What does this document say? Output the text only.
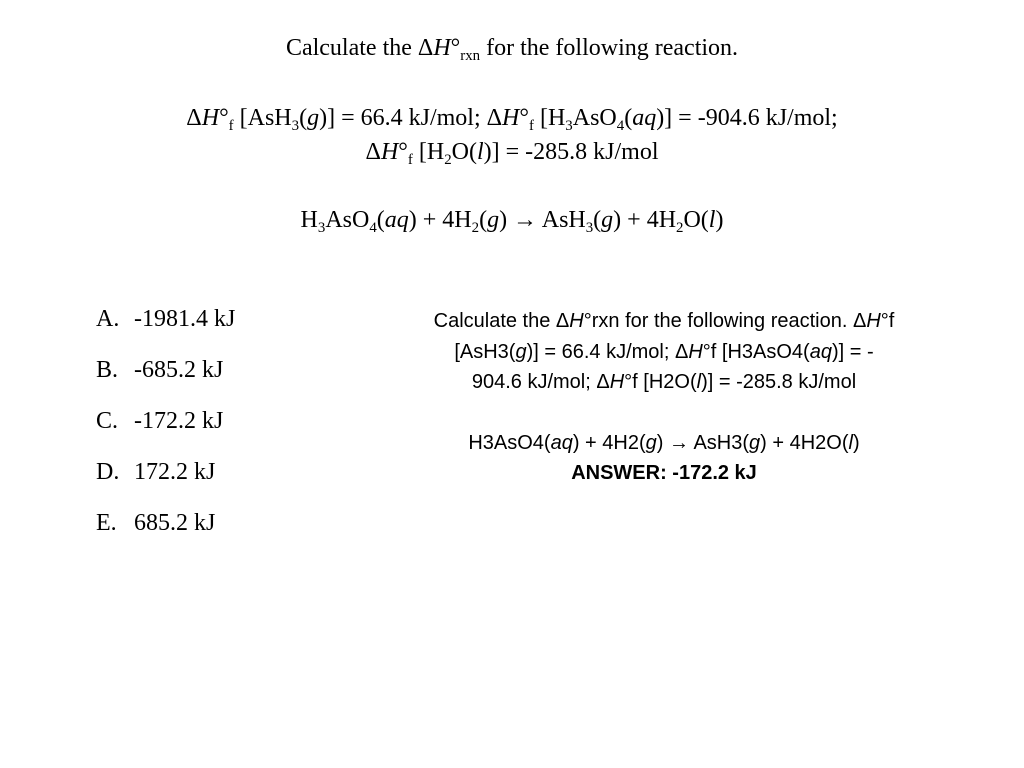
Calculate the $\Delta H^\circ_{rxn}$ for the following reaction.
$\Delta H^\circ_f$ [AsH$_3$(g)] = 66.4 kJ/mol; $\Delta H^\circ_f$ $[H_3AsO_4(aq)] = -904.6$ kJ/mol;
$\Delta H^\circ_f$ $[H_2O(l)] = -285.8$ kJ/mol
$H_3AsO_4(aq) + 4H_2(g) \to AsH_3(g) + 4H_2O(l)$
A. -1981.4 kJ
B. -685.2 kJ
C. -172.2 kJ
D. 172.2 kJ
E. 685.2 kJ

Calculate the ΔH°rxn for the following reaction. ΔH°f

[AsH3(g)] = 66.4 kJ/mol; ΔH°f [H3AsO4(aq)] = -

904.6 kJ/mol; ΔH°f [H2O(l)] = -285.8 kJ/mol

H3AsO4(aq) + 4H2(g) → AsH3(g) + 4H2O(l)

ANSWER: -172.2 kJ
